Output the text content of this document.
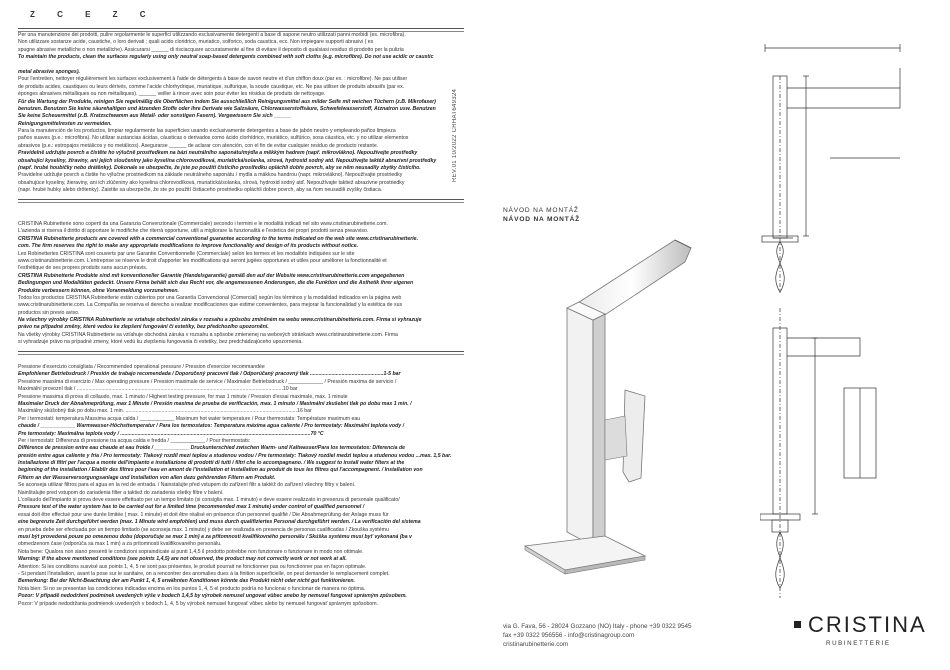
Z C E Z C
REV.01 10/2022 CRHAT649324
Per una manutenzione dei prodotti, pulire regolarmente le superfici utilizzando esclusivamente detergenti a base di sapone neutro utilizzati panni morbidi (es. microfibra).
Non utilizzare sostanze acide, caustiche, o loro derivati ; quali acido cloridrico, muriatico, solforico, soda caustica, ecc. Non impiegare supporti abrasivi ( es
spugne abrasive metalliche o non metalliche). Assicurarsi ______ di risciacquare accuratamente al fine di evitare il deposito di qualsiasi residuo di prodotto per la pulizia
To maintain the products, clean the surfaces regularly using only neutral soap-based detergents combined with soft cloths (e.g. microfibre). Do not use acidic or caustic
metal abrasive sponges).
Pour l'entretien, nettoyer régulièrement les surfaces exclusivement à l'aide de détergents à base de savon neutre et d'un chiffon doux (par ex. : microfibre). Ne pas utiliser
de produits acides, caustiques ou leurs dérivés, comme l'acide chlorhydrique, muriatique, sulfurique, la soude caustique, etc. Ne pas utiliser de produits abrasifs (par ex.
éponges abrasives métalliques ou non métalliques). ______ veiller à rincer avec soin pour éviter les résidus de produits de nettoyage.
Für die Wartung der Produkte, reinigen Sie regelmäßig die Oberflächen indem Sie ausschließlich Reinigungsmittel aus milder Seife mit weichen Tüchern (z.B. Mikrofaser)
benutzen. Benutzen Sie keine säurehaltigen und ätzenden Stoffe oder ihre Derivate wie Salzsäure, Chlorwasserstoffsäure, Schwefelwasserstoff, Ätznatron usw. Benutzen
Sie keine Scheuermittel (z.B. Kratzschwamm aus Metall- oder sonstigen Fasern). Vergewissern Sie sich ______
Reinigungsmittelresten zu vermeiden.
Para la manutención de los productos, limpiar regularmente las superficies usando exclusivamente detergentes a base de jabón neutro y empleando paños limpieza
paños suaves (p.e.: microfibra). No utilizar sustancias ácidas, cáusticas o derivados como ácido clorhídrico, muriático, sulfúrico, sosa cáustica, etc. y no utilizar elementos
abrasivos (p.e.: estropajos metálicos y no metálicos). Asegurarse ______ de aclarar con atención, con el fin de evitar cualquier residuo de producto restante.
Pravidelně udržujte povrch a čistěte ho výlučně prostředkem na bázi neutrálního saponátu/mýdla a měkkým hadrem (např. mikrovlákno). Nepoužívejte prostředky
obsahující kyseliny, žíraviny, ani jejich sloučeniny jako kyselina chlorovodíková, muriatická/solanka, sírová, hydroxid sodný atd. Nepoužívejte taktéž abrazivní prostředky
(např. hrubé houbičky nebo drátěnky). Dokonale se ubezpečte, že jste po použití čisticího prostředku opláchli dobře povrch, aby se něm neusadily zbytky čisticího.
Pravidelne udržujte povrch a čistite ho výlučne prostriedkom na základe neutrálneho saponátu / mydla a mäkkou handrou (napr. mikrovlákno). Nepoužívajte prostriedky
obsahujúce kyseliny, žieraviny, ani ich zlúčeniny ako kyselina chlorovodíková, muriatická/solanka, sírová, hydroxid sodný atď. Nepoužívajte taktiež abrazívne prostriedky
(napr. hrubé hubky alebo drôtenky). Zaistite sa ubezpečte, že ste po použití čistiaceho prostriedku opláchli dobre povrch, aby sa ňom neusadili zvyšky čistiaca.
CRISTINA Rubinetterie sono coperti da una Garanzia Convenzionale (Commerciale) secondo i termini e le modalità indicati nel sito www.cristinarubinetterie.com.
L'azienda si riserva il diritto di apportare le modifiche che riterrà opportune, utili a migliorare la funzionalità e l'estetica dei propri prodotti senza preavviso.
CRISTINA Rubinetterie products are covered with a commercial conventional guarantee according to the terms indicated on the web site www.cristinarubinetterie.
com. The firm reserves the right to make any appropriate modifications to improve functionality and design of its products without notice.
Les Robinetteries CRISTINA sont couverts par une Garantie Conventionnelle (Commerciale) selon les termes et les modalités indiquées sur le site
www.cristinarubinetterie.com. L'entreprise se réserve le droit d'apporter les modifications qui seront jugées opportunes et utiles pour améliorer la fonctionnalité et
l'esthétique de ses propres produits sans aucun préavis.
CRISTINA Rubinetterie Produkte sind mit konventioneller Garantie (Handelsgarantie) gemäß den auf der Website www.cristinarubinetterie.com angegebenen
Bedingungen und Modalitäten gedeckt. Unsere Firma behält sich das Recht vor, die angemessenen Änderungen, die die Funktion und die Ästhetik ihrer eigenen
Produkte verbessern können, ohne Voranmeldung vorzunehmen.
Todos los productos CRISTINA Rubinetterie están cubiertos por una Garantía Convencional (Comercial) según los términos y la modalidad indicados en la página web
www.cristinarubinetterie.com. La Compañía se reserva el derecho a realizar modificaciones que estime convenientes, para mejorar la funcionalidad y la estética de sus
productos sin previo aviso.
Na všechny výrobky CRISTINA Rubinetterie se vztahuje obchodní záruka v rozsahu a způsobu zmíněném na webu www.cristinarubinetterie.com. Firma si vyhrazuje
právo na případné změny, které vedou ke zlepšení fungování či estetiky, bez předchozího upozornění.
Na všetky výrobky CRISTINA Rubinetterie sa vzťahuje obchodná záruka v rozsahu a spôsobe zmienenej na webových stránkach www.cristinarubinetterie.com. Firma
si vyhradzuje právo na prípadné zmeny, ktoré vedú ku zlepšeniu fungovania či estetiky, bez predchádzajúceho upozornenia.
Pressione d'esercizio consigliata / Recommended operational pressure / Pression d'exercice recommandée
Empfohlener Betriebsdruck / Presión de trabajo recomendada / Doporučený pracovní tlak / Odporúčaný pracovný tlak ...................................................1-5 bar
Pressione massima di esercizio / Max operating pressure / Pression maximale de service / Maximaler Betriebsdruck / ____________ / Pressión maxima de servicio /
Maximální provozní tlak / ...............................................................................................................................................10 bar
Pressione massima di prova di collaudo, max. 1 minuto / Highest testing pressure, for max 1 minute / Pression d'essai maximale, max. 1 minute
Maximaler Druck der Abnahmeprüfung, max 1 Minute / Presión maxima de prueba de verificación, max. 1 minuto / Maximální zkušební tlak po dobu max 1 min. /
Maximálny skúšobný tlak po dobu max. 1 min. .......................................................................................................................16 bar
Per i termostati: temperatura Massima acqua calda / ____________ Maximum hot water temperature / Pour thermostats: Température maximum eau
chaude / ____________ Warmwasser-Höchsttemperatur / Para los termostatos: Temperatura máxima agua caliente / Pro termostaty: Maximální teplota vody /
Pre termostaty: Maximálna teplota vody / ....................................................................................................................................70 °C
Per i termostati: Differenza di pressione tra acqua calda e fredda / ____________ / Pour thermostats:
Différence de pression entre eau chaude et eau froide / ____________ Druckunterschied zwischen Warm- und Kaltwasser/Para los termostatos: Diferencia de
presión entre agua caliente y fría / Pro termostaty: Tlakový rozdíl mezi teplou a studenou vodou / Pre termostaty: Tlakový rozdiel medzi teplou a studenou vodou ...max. 1,5 bar.
Installazione di filtri per l'acqua a monte dell'impianto e installazione di prodotti di tutti i filtri che lo accompagnano. / We suggest to install water filters at the
beginning of the installation / Établir des filtres pour l'eau en amont de l'installation et installation au produit de tous les filtres qui l'accompagnent. / Installation von
Filtern an der Wasserversorgungsanlage und Installation von allen dazu gehörenden Filtern am Produkt.
Se aconseja utilizar filtros para el agua en la red de entrada. / Nainstalujte před vstupem do zařízení filtr a taktéž do zařízení všechny filtry v balení.
Nainštalujte pred vstupom do zariadenia filter a taktiež do zariadenia všetky filtre v balení.
L'collaudo dell'impianto si prova deve essere effettuato per un tempo limitato (si consiglia max. 1 minuto) e deve essere realizzato in presenza di personale qualificato/
Pressure test of the water system has to be carried out for a limited time (recommended max 1 minute) under control of qualified personnel /
essai doit être effectué pour une durée limitée ( max. 1 minute) et doit être réalisé en présence d'un personnel qualifié / Die Abnahmeprüfung der Anlage muss für
eine begrenzte Zeit durchgeführt werden (max. 1 Minute wird empfohlen) und muss durch qualifiziertes Personal durchgeführt werden. / La verificación del sistema
en prueba debe ser efectuada por un tiempo limitado (se aconseja max. 1 minuto) y debe ser realizada en presencia de personas cualificadas / Zkouška systému
musí být provedená pouze po omezenou dobu (doporučuje se max 1 min) a za přítomnosti kvalifikovného personálu / Skúška systému musí byť vykonaná (ba v
obmedzenom čase (odporúča sa max 1 min) a za prítomnosti kvalifikovaného personálu.
Nota bene: Qualora non siano presenti le condizioni sopraindicate ai punti 1,4,5 il prodotto potrebbe non funzionare o funzionare in modo non ottimale.
Warning: If the above mentioned conditions (see points 1,4,5) are not observed, the product may not correctly work or not work at all.
Attention: Si les conditions susvisé aux points 1, 4, 5 ne sont pas présentes, le produit pourrait ne fonctionner pas ou fonctionner pas en façon optimale.
- Si pendant l'installation, avant la pose sur le sanitaire, on a rencontrer des anomalies dues à la finition superficielle, on peut demander le remplacement complet.
Bemerkung: Bei der Nicht-Beachtung der am Punkt 1, 4, 5 erwähnten Konditionen könnte das Produkt nicht oder nicht gut funktionieren.
Nota bien: Si no se presentan las condiciones indicadas encima en los puntos 1, 4, 5 el producto podría no funcionar o funcionar de manera no óptima.
Pozor: V případě nedodržení podmínek uvedených výše v bodech 1,4,5 by výrobek nemusel ungovat vůbec anebo by nemusel fungovat správným způsobem.
Pozor: V prípade nedodržania podmienok uvedených v bodoch 1, 4, 5 by výrobok nemusel fungovať vôbec alebo by nemusel fungovať správnym spôsobom.
NÁVOD NA MONTÁŽ
NÁVOD NA MONTÁŽ
via G. Fava, 56 - 28024 Gozzano (NO) Italy - phone +39 0322 9545
fax +39 0322 956556 - info@cristinagroup.com
cristinarubinetterie.com
CRISTINA
RUBINETTERIE
